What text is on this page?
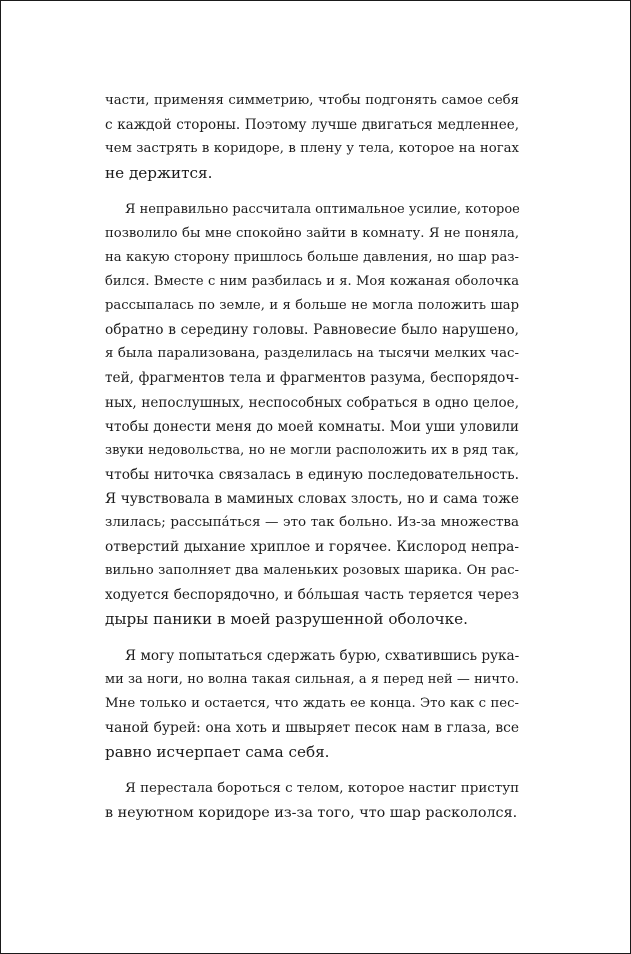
части, применяя симметрию, чтобы подгонять самое себя
с каждой стороны. Поэтому лучше двигаться медленнее,
чем застрять в коридоре, в плену у тела, которое на ногах
не держится.

Я неправильно рассчитала оптимальное усилие, которое
позволило бы мне спокойно зайти в комнату. Я не поняла,
на какую сторону пришлось больше давления, но шар раз-
бился. Вместе с ним разбилась и я. Моя кожаная оболочка
рассыпалась по земле, и я больше не могла положить шар
обратно в середину головы. Равновесие было нарушено,
я была парализована, разделилась на тысячи мелких час-
тей, фрагментов тела и фрагментов разума, беспорядоч-
ных, непослушных, неспособных собраться в одно целое,
чтобы донести меня до моей комнаты. Мои уши уловили
звуки недовольства, но не могли расположить их в ряд так,
чтобы ниточка связалась в единую последовательность.
Я чувствовала в маминых словах злость, но и сама тоже
злилась; рассыпа́ться — это так больно. Из-за множества
отверстий дыхание хриплое и горячее. Кислород непра-
вильно заполняет два маленьких розовых шарика. Он рас-
ходуется беспорядочно, и бо́льшая часть теряется через
дыры паники в моей разрушенной оболочке.

Я могу попытаться сдержать бурю, схватившись рука-
ми за ноги, но волна такая сильная, а я перед ней — ничто.
Мне только и остается, что ждать ее конца. Это как с пес-
чаной бурей: она хоть и швыряет песок нам в глаза, все
равно исчерпает сама себя.

Я перестала бороться с телом, которое настиг приступ
в неуютном коридоре из-за того, что шар раскололся.
